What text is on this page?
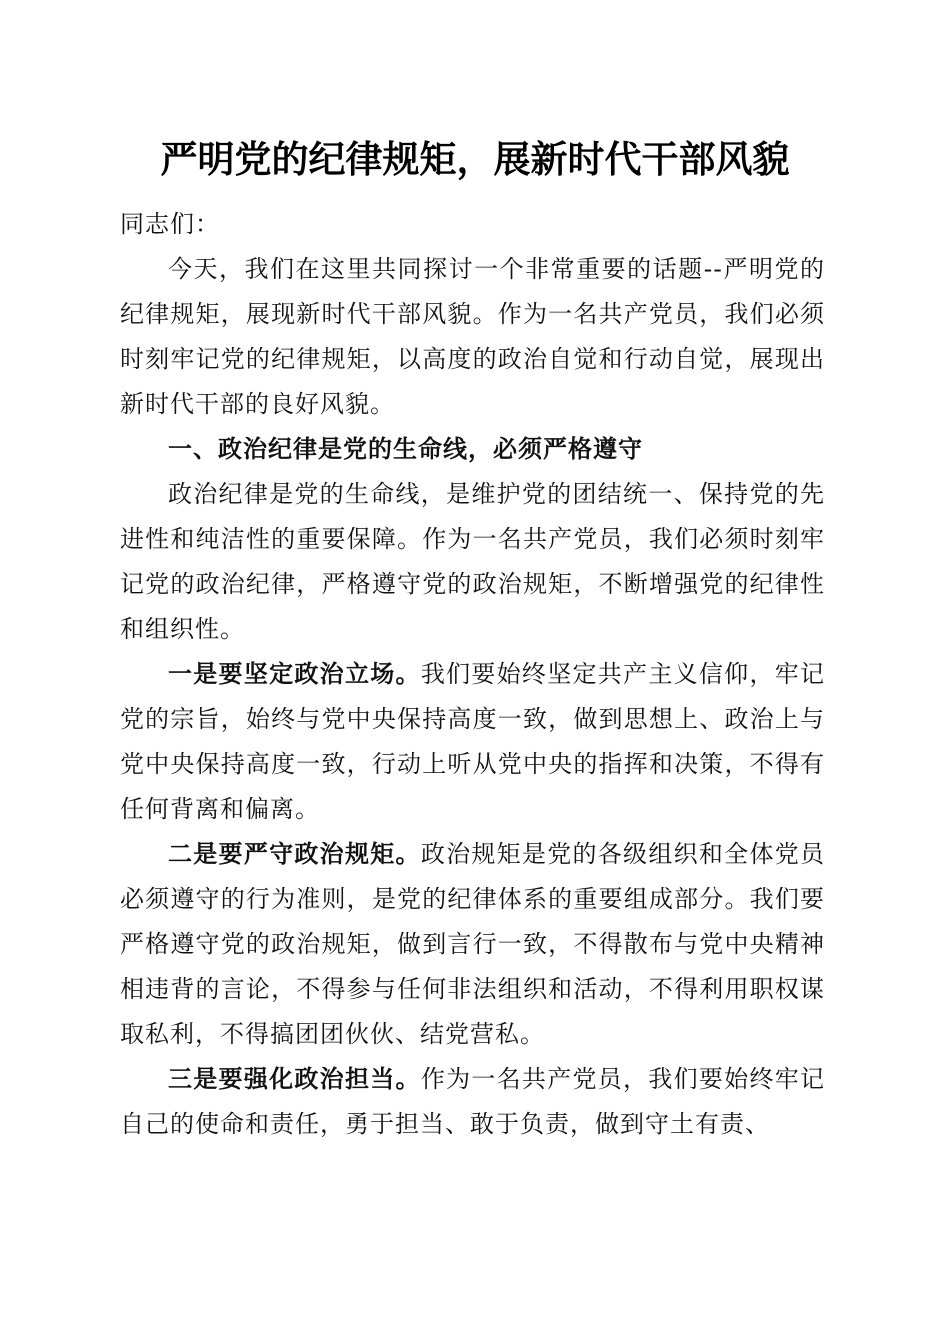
严明党的纪律规矩，展新时代干部风貌

同志们：

今天，我们在这里共同探讨一个非常重要的话题--严明党的纪律规矩，展现新时代干部风貌。作为一名共产党员，我们必须时刻牢记党的纪律规矩，以高度的政治自觉和行动自觉，展现出新时代干部的良好风貌。

一、政治纪律是党的生命线，必须严格遵守

政治纪律是党的生命线，是维护党的团结统一、保持党的先进性和纯洁性的重要保障。作为一名共产党员，我们必须时刻牢记党的政治纪律，严格遵守党的政治规矩，不断增强党的纪律性和组织性。

一是要坚定政治立场。我们要始终坚定共产主义信仰，牢记党的宗旨，始终与党中央保持高度一致，做到思想上、政治上与党中央保持高度一致，行动上听从党中央的指挥和决策，不得有任何背离和偏离。

二是要严守政治规矩。政治规矩是党的各级组织和全体党员必须遵守的行为准则，是党的纪律体系的重要组成部分。我们要严格遵守党的政治规矩，做到言行一致，不得散布与党中央精神相违背的言论，不得参与任何非法组织和活动，不得利用职权谋取私利，不得搞团团伙伙、结党营私。

三是要强化政治担当。作为一名共产党员，我们要始终牢记自己的使命和责任，勇于担当、敢于负责，做到守土有责、
